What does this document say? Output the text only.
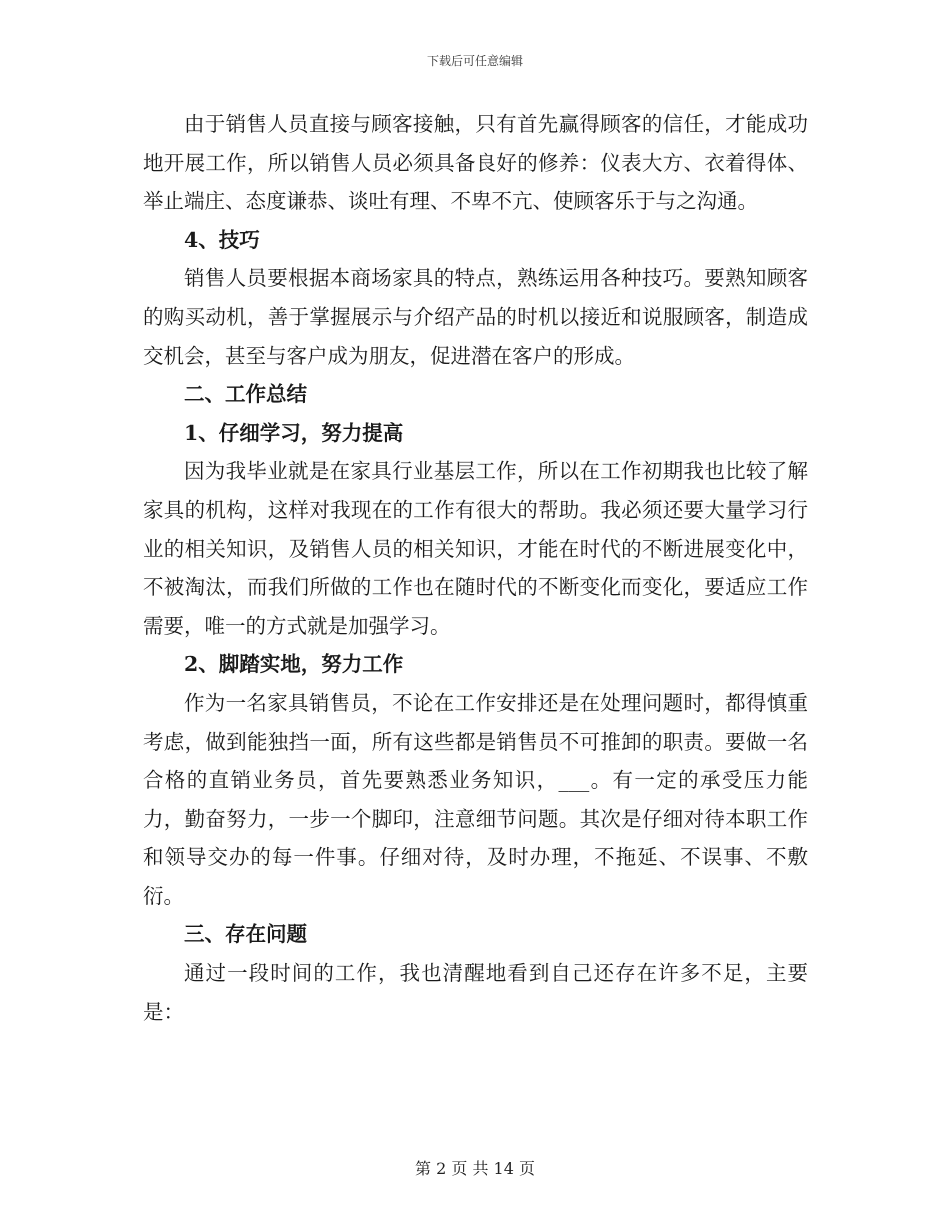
下载后可任意编辑

由于销售人员直接与顾客接触，只有首先赢得顾客的信任，才能成功地开展工作，所以销售人员必须具备良好的修养：仪表大方、衣着得体、举止端庄、态度谦恭、谈吐有理、不卑不亢、使顾客乐于与之沟通。

4、技巧

销售人员要根据本商场家具的特点，熟练运用各种技巧。要熟知顾客的购买动机，善于掌握展示与介绍产品的时机以接近和说服顾客，制造成交机会，甚至与客户成为朋友，促进潜在客户的形成。

二、工作总结

1、仔细学习，努力提高

因为我毕业就是在家具行业基层工作，所以在工作初期我也比较了解家具的机构，这样对我现在的工作有很大的帮助。我必须还要大量学习行业的相关知识，及销售人员的相关知识，才能在时代的不断进展变化中，不被淘汰，而我们所做的工作也在随时代的不断变化而变化，要适应工作需要，唯一的方式就是加强学习。

2、脚踏实地，努力工作

作为一名家具销售员，不论在工作安排还是在处理问题时，都得慎重考虑，做到能独挡一面，所有这些都是销售员不可推卸的职责。要做一名合格的直销业务员，首先要熟悉业务知识，___。有一定的承受压力能力，勤奋努力，一步一个脚印，注意细节问题。其次是仔细对待本职工作和领导交办的每一件事。仔细对待，及时办理，不拖延、不误事、不敷衍。

三、存在问题

通过一段时间的工作，我也清醒地看到自己还存在许多不足，主要是：

第 2 页 共 14 页
